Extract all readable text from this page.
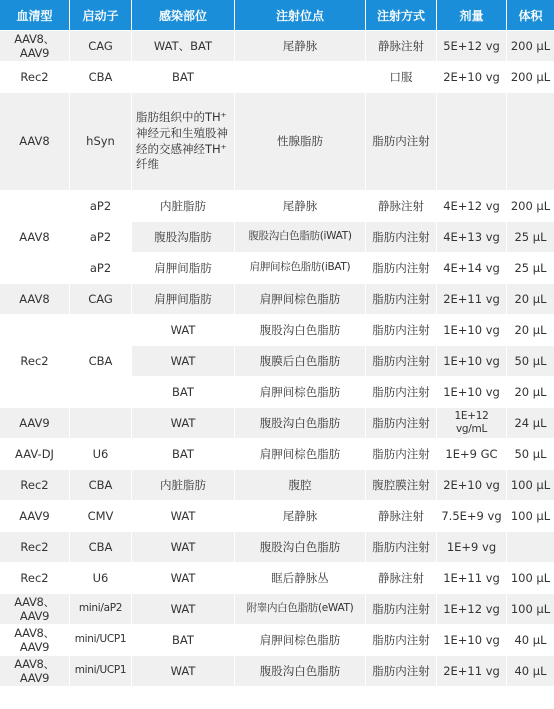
血清型	启动子	感染部位	注射位点	注射方式	剂量	体积
AAV8、AAV9	CAG	WAT、BAT	尾静脉	静脉注射	5E+12 vg	200 μL
Rec2	CBA	BAT		口服	2E+10 vg	200 μL
AAV8	hSyn	脂肪组织中的TH⁺神经元和生殖股神经的交感神经TH⁺纤维	性腺脂肪	脂肪内注射		
AAV8	aP2	内脏脂肪	尾静脉	静脉注射	4E+12 vg	200 μL
	aP2	腹股沟脂肪	腹股沟白色脂肪(iWAT)	脂肪内注射	4E+13 vg	25 μL
	aP2	肩胛间脂肪	肩胛间棕色脂肪(iBAT)	脂肪内注射	4E+14 vg	25 μL
AAV8	CAG	肩胛间脂肪	肩胛间棕色脂肪	脂肪内注射	2E+11 vg	20 μL
Rec2	CBA	WAT	腹股沟白色脂肪	脂肪内注射	1E+10 vg	20 μL
		WAT	腹膜后白色脂肪	脂肪内注射	1E+10 vg	50 μL
		BAT	肩胛间棕色脂肪	脂肪内注射	1E+10 vg	20 μL
AAV9		WAT	腹股沟白色脂肪	脂肪内注射	1E+12 vg/mL	24 μL
AAV-DJ	U6	BAT	肩胛间棕色脂肪	脂肪内注射	1E+9 GC	50 μL
Rec2	CBA	内脏脂肪	腹腔	腹腔膜注射	2E+10 vg	100 μL
AAV9	CMV	WAT	尾静脉	静脉注射	7.5E+9 vg	100 μL
Rec2	CBA	WAT	腹股沟白色脂肪	脂肪内注射	1E+9 vg	
Rec2	U6	WAT	眶后静脉丛	静脉注射	1E+11 vg	100 μL
AAV8、AAV9	mini/aP2	WAT	附睾内白色脂肪(eWAT)	脂肪内注射	1E+12 vg	100 μL
AAV8、AAV9	mini/UCP1	BAT	肩胛间棕色脂肪	脂肪内注射	1E+10 vg	40 μL
AAV8、AAV9	mini/UCP1	WAT	腹股沟白色脂肪	脂肪内注射	2E+11 vg	40 μL
